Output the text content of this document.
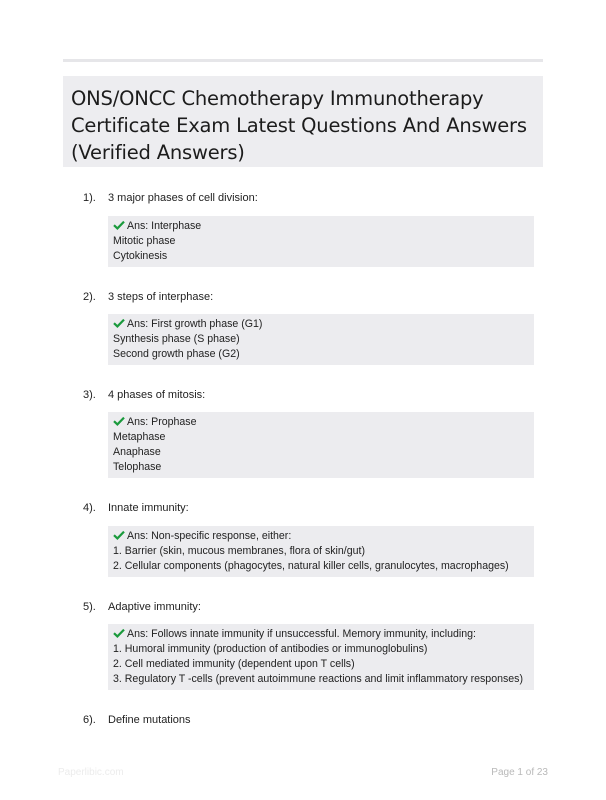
ONS/ONCC Chemotherapy Immunotherapy
Certificate Exam Latest Questions And Answers
(Verified Answers)
1). 3 major phases of cell division:
Ans: Interphase
Mitotic phase
Cytokinesis
2). 3 steps of interphase:
Ans: First growth phase (G1)
Synthesis phase (S phase)
Second growth phase (G2)
3). 4 phases of mitosis:
Ans: Prophase
Metaphase
Anaphase
Telophase
4). Innate immunity:
Ans: Non-specific response, either:
1. Barrier (skin, mucous membranes, flora of skin/gut)
2. Cellular components (phagocytes, natural killer cells, granulocytes, macrophages)
5). Adaptive immunity:
Ans: Follows innate immunity if unsuccessful. Memory immunity, including:
1. Humoral immunity (production of antibodies or immunoglobulins)
2. Cell mediated immunity (dependent upon T cells)
3. Regulatory T -cells (prevent autoimmune reactions and limit inflammatory responses)
6). Define mutations
Paperlibic.com	Page 1 of 23
